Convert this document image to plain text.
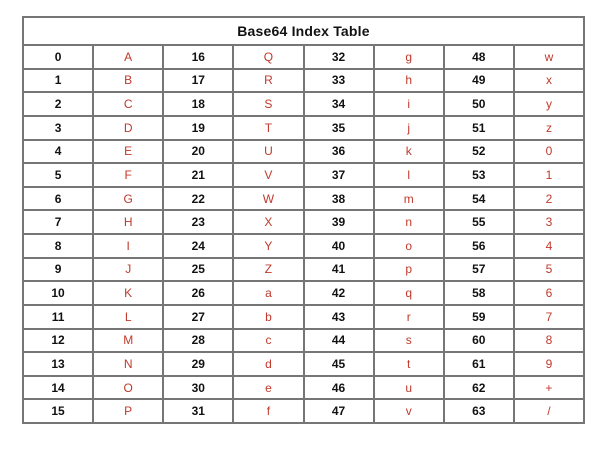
Base64 Index Table							
0	A	16	Q	32	g	48	w
1	B	17	R	33	h	49	x
2	C	18	S	34	i	50	y
3	D	19	T	35	j	51	z
4	E	20	U	36	k	52	0
5	F	21	V	37	l	53	1
6	G	22	W	38	m	54	2
7	H	23	X	39	n	55	3
8	I	24	Y	40	o	56	4
9	J	25	Z	41	p	57	5
10	K	26	a	42	q	58	6
11	L	27	b	43	r	59	7
12	M	28	c	44	s	60	8
13	N	29	d	45	t	61	9
14	O	30	e	46	u	62	+
15	P	31	f	47	v	63	/
